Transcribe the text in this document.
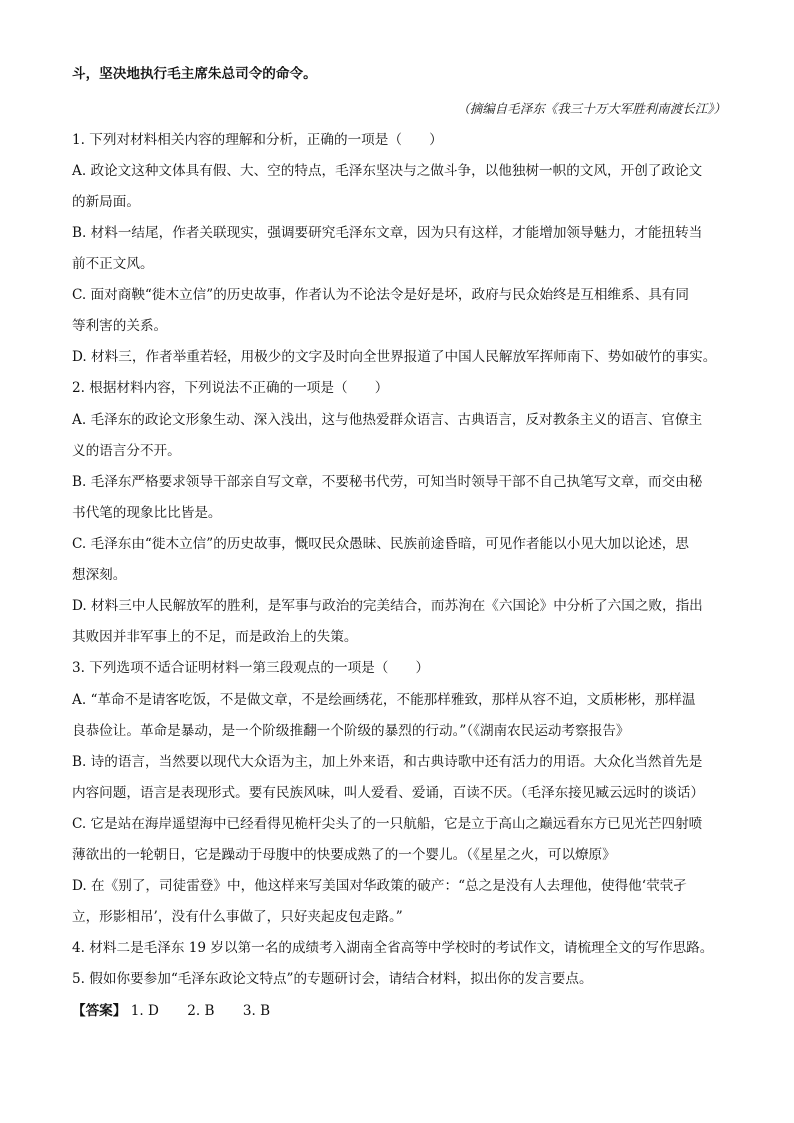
斗，坚决地执行毛主席朱总司令的命令。
（摘编自毛泽东《我三十万大军胜利南渡长江》）
1. 下列对材料相关内容的理解和分析，正确的一项是（　　）
A. 政论文这种文体具有假、大、空的特点，毛泽东坚决与之做斗争，以他独树一帜的文风，开创了政论文
的新局面。
B. 材料一结尾，作者关联现实，强调要研究毛泽东文章，因为只有这样，才能增加领导魅力，才能扭转当
前不正文风。
C. 面对商鞅“徙木立信”的历史故事，作者认为不论法令是好是坏，政府与民众始终是互相维系、具有同
等利害的关系。
D. 材料三，作者举重若轻，用极少的文字及时向全世界报道了中国人民解放军挥师南下、势如破竹的事实。
2. 根据材料内容，下列说法不正确的一项是（　　）
A. 毛泽东的政论文形象生动、深入浅出，这与他热爱群众语言、古典语言，反对教条主义的语言、官僚主
义的语言分不开。
B. 毛泽东严格要求领导干部亲自写文章，不要秘书代劳，可知当时领导干部不自己执笔写文章，而交由秘
书代笔的现象比比皆是。
C. 毛泽东由“徙木立信”的历史故事，慨叹民众愚昧、民族前途昏暗，可见作者能以小见大加以论述，思
想深刻。
D. 材料三中人民解放军的胜利，是军事与政治的完美结合，而苏洵在《六国论》中分析了六国之败，指出
其败因并非军事上的不足，而是政治上的失策。
3. 下列选项不适合证明材料一第三段观点的一项是（　　）
A. “革命不是请客吃饭，不是做文章，不是绘画绣花，不能那样雅致，那样从容不迫，文质彬彬，那样温
良恭俭让。革命是暴动，是一个阶级推翻一个阶级的暴烈的行动。”（《湖南农民运动考察报告》
B. 诗的语言，当然要以现代大众语为主，加上外来语，和古典诗歌中还有活力的用语。大众化当然首先是
内容问题，语言是表现形式。要有民族风味，叫人爱看、爱诵，百读不厌。（毛泽东接见臧云远时的谈话）
C. 它是站在海岸遥望海中已经看得见桅杆尖头了的一只航船，它是立于高山之巅远看东方已见光芒四射喷
薄欲出的一轮朝日，它是躁动于母腹中的快要成熟了的一个婴儿。（《星星之火，可以燎原》
D. 在《别了，司徒雷登》中，他这样来写美国对华政策的破产：“总之是没有人去理他，使得他‘茕茕孑
立，形影相吊’，没有什么事做了，只好夹起皮包走路。”
4. 材料二是毛泽东 19 岁以第一名的成绩考入湖南全省高等中学校时的考试作文，请梳理全文的写作思路。
5. 假如你要参加“毛泽东政论文特点”的专题研讨会，请结合材料，拟出你的发言要点。
【答案】 1. D 2. B 3. B
